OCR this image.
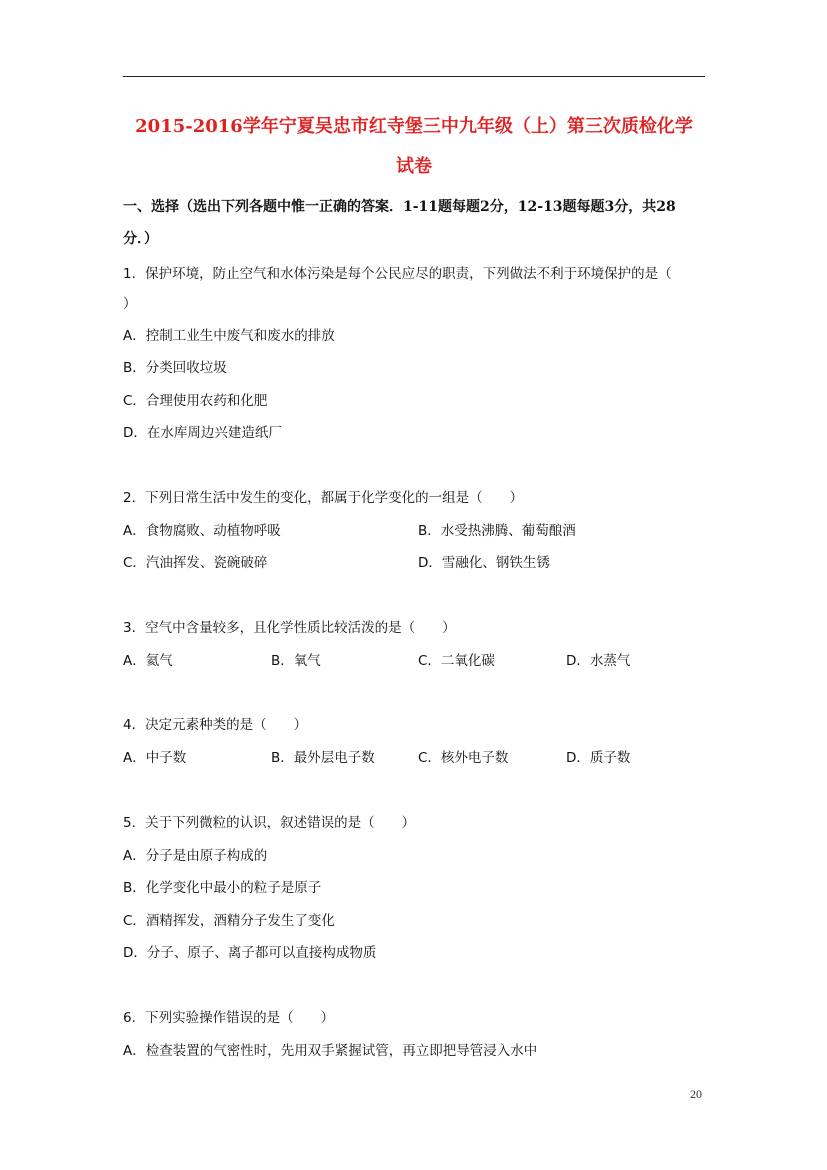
2015-2016学年宁夏吴忠市红寺堡三中九年级（上）第三次质检化学
试卷
一、选择（选出下列各题中惟一正确的答案．1-11题每题2分，12-13题每题3分，共28
分．）
1．保护环境，防止空气和水体污染是每个公民应尽的职责，下列做法不利于环境保护的是（
）
A．控制工业生中废气和废水的排放
B．分类回收垃圾
C．合理使用农药和化肥
D．在水库周边兴建造纸厂
2．下列日常生活中发生的变化，都属于化学变化的一组是（　　）
A．食物腐败、动植物呼吸	B．水受热沸腾、葡萄酿酒
C．汽油挥发、瓷碗破碎	D．雪融化、钢铁生锈
3．空气中含量较多，且化学性质比较活泼的是（　　）
A．氦气	B．氧气	C．二氧化碳	D．水蒸气
4．决定元素种类的是（　　）
A．中子数	B．最外层电子数	C．核外电子数	D．质子数
5．关于下列微粒的认识，叙述错误的是（　　）
A．分子是由原子构成的
B．化学变化中最小的粒子是原子
C．酒精挥发，酒精分子发生了变化
D．分子、原子、离子都可以直接构成物质
6．下列实验操作错误的是（　　）
A．检查装置的气密性时，先用双手紧握试管，再立即把导管浸入水中
20
